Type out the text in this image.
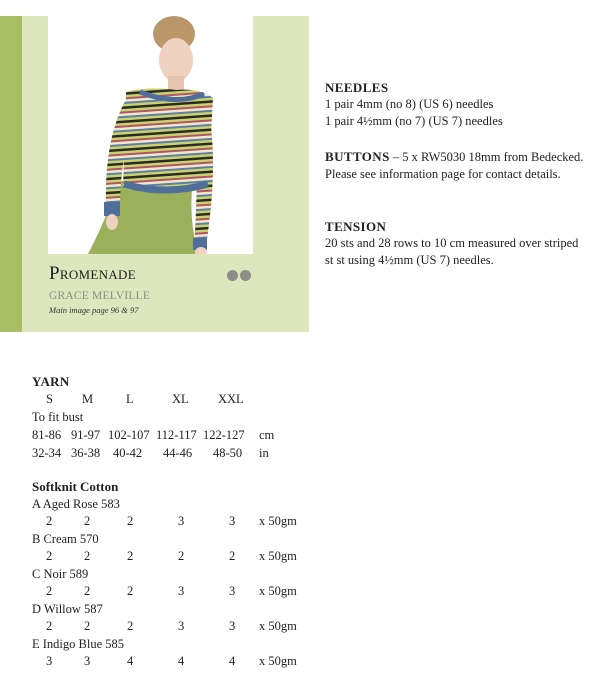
Promenade
GRACE MELVILLE
Main image page 96 & 97
NEEDLES
1 pair 4mm (no 8) (US 6) needles
1 pair 4½mm (no 7) (US 7) needles
BUTTONS – 5 x RW5030 18mm from Bedecked. Please see information page for contact details.
TENSION
20 sts and 28 rows to 10 cm measured over striped st st using 4½mm (US 7) needles.
YARN
S M	L	XL XXL
To fit bust
81-86 91-97 102-107 112-117 122-127 cm
32-34 36-38 40-42 44-46 48-50 in
Softknit Cotton
A Aged Rose 583
2	2	2	3	3 x 50gm
B Cream 570
2	2	2	2	2 x 50gm
C Noir 589
2	2	2	3	3 x 50gm
D Willow 587
2	2	2	3	3 x 50gm
E Indigo Blue 585
3	3	4	4	4 x 50gm
